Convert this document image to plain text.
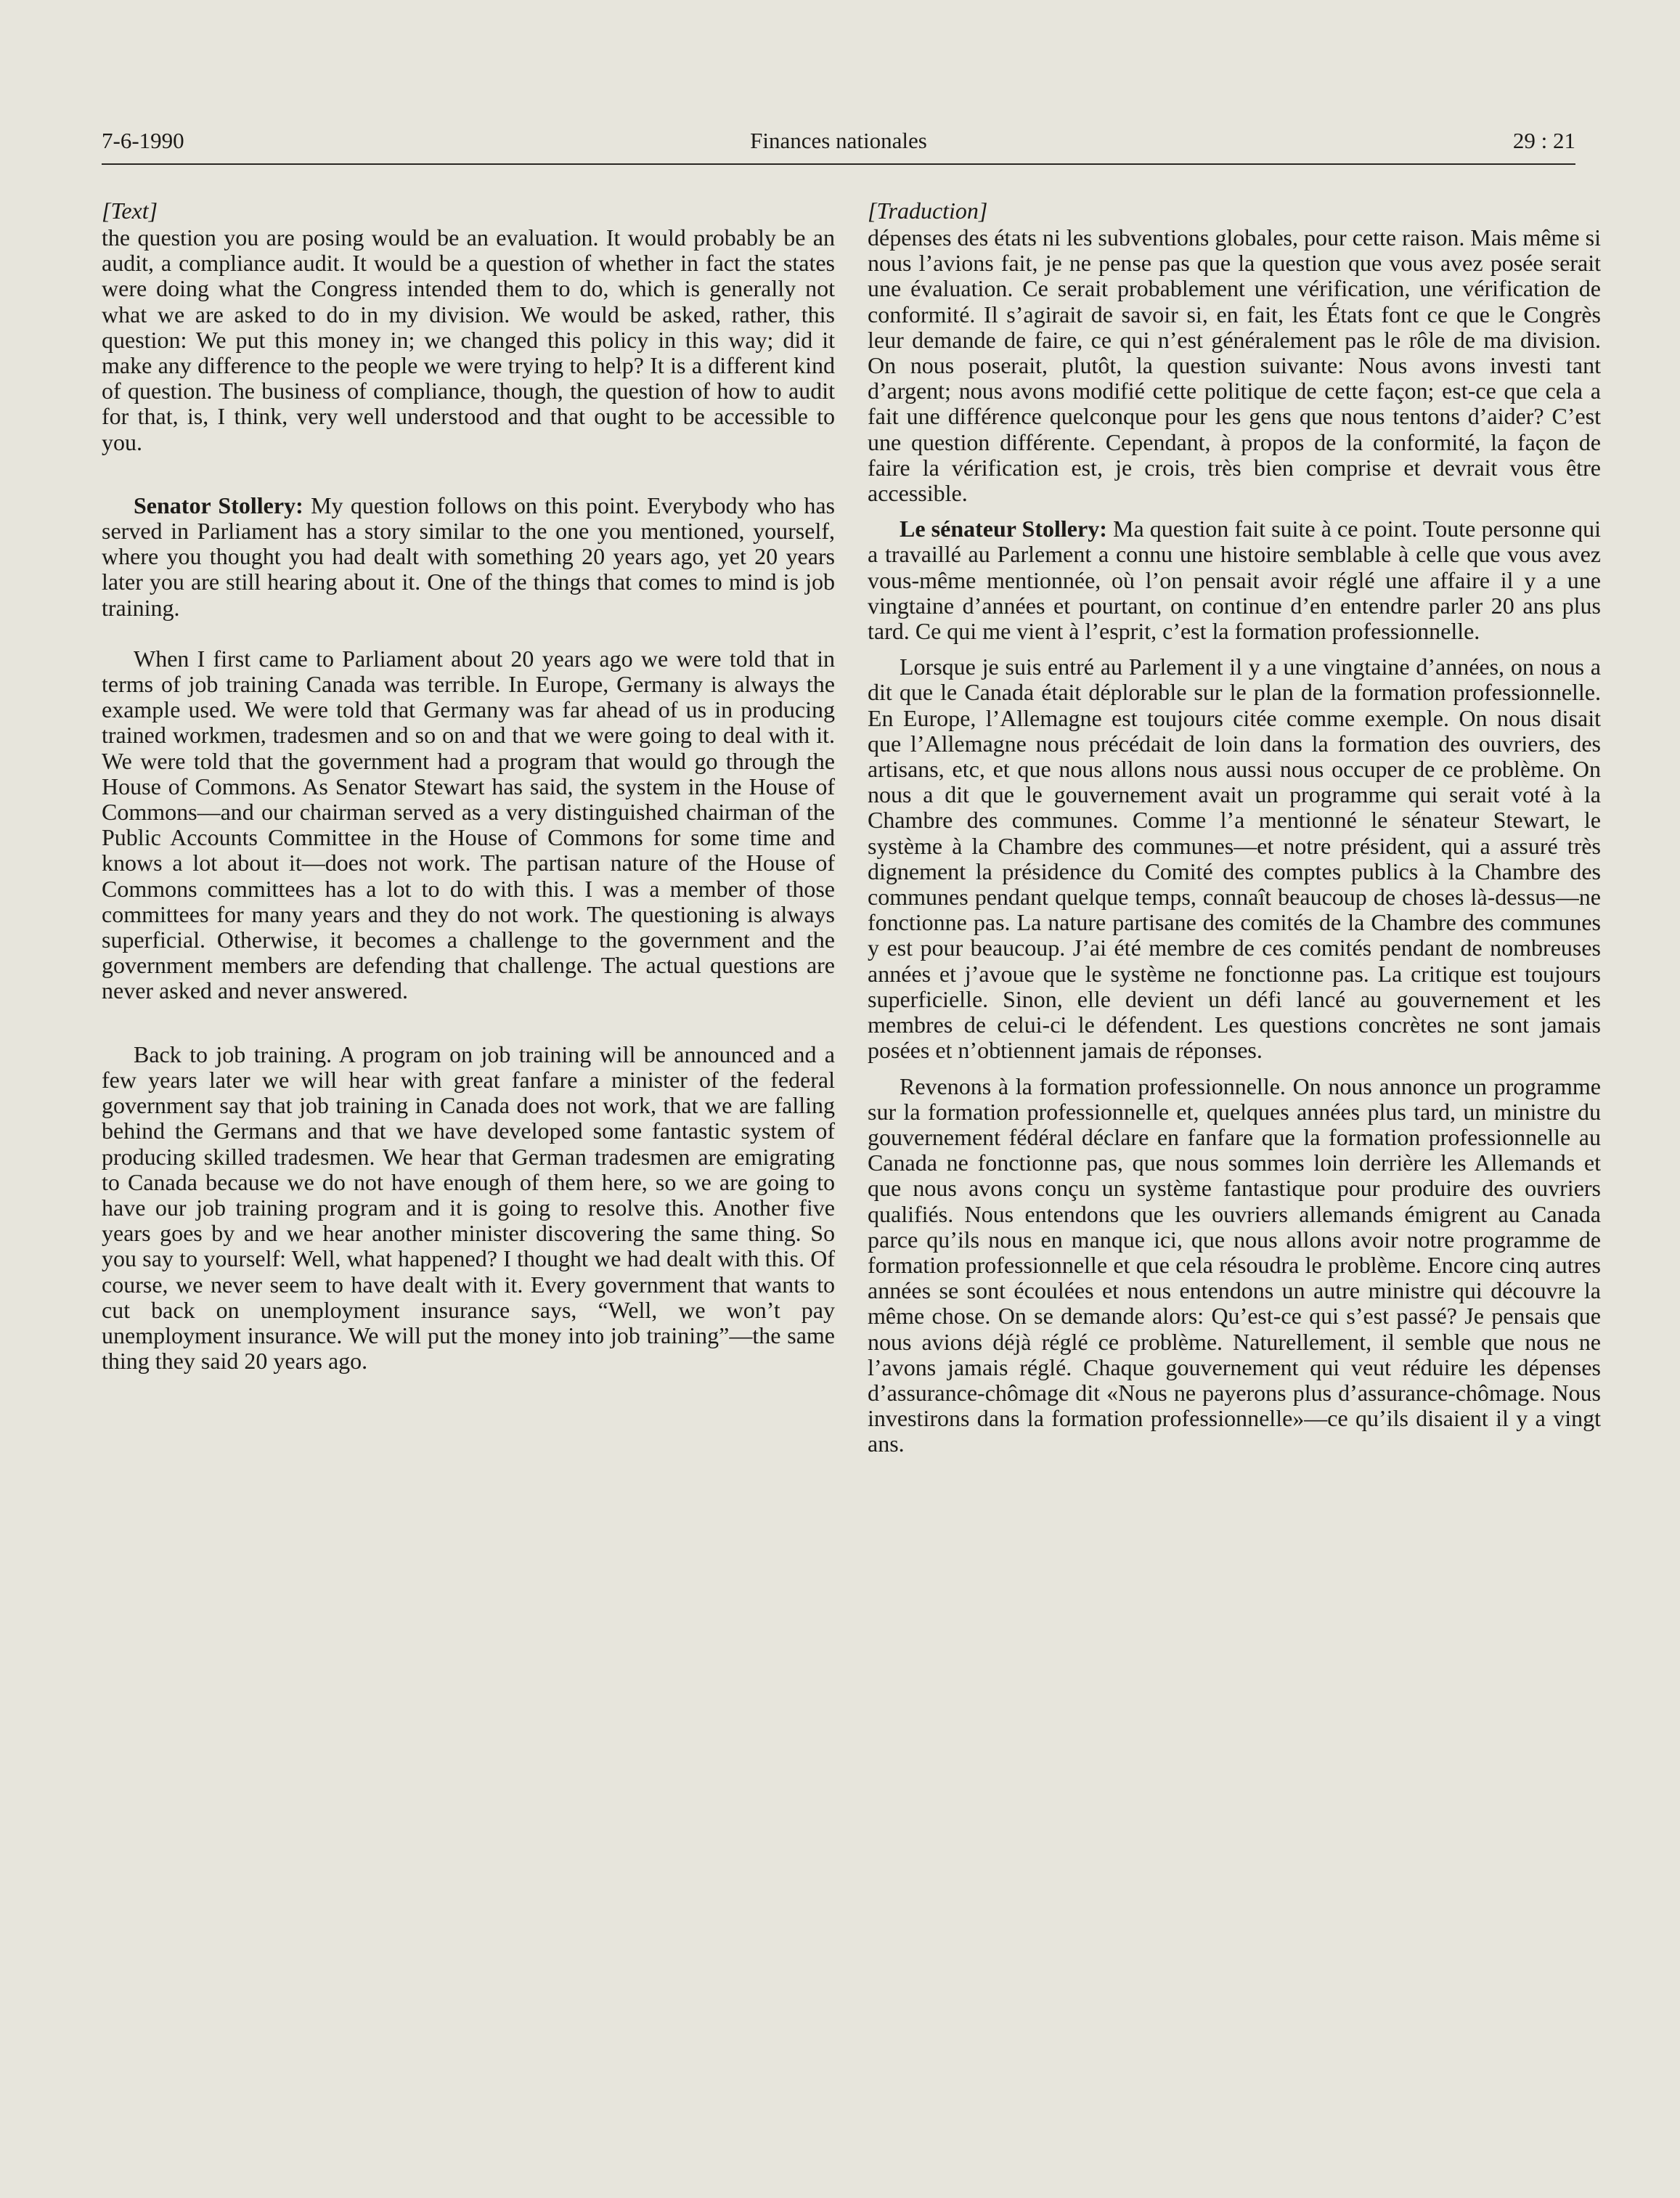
7-6-1990	Finances nationales	29 : 21

[Text]

the question you are posing would be an evaluation. It would probably be an audit, a compliance audit. It would be a question of whether in fact the states were doing what the Congress intended them to do, which is generally not what we are asked to do in my division. We would be asked, rather, this question: We put this money in; we changed this policy in this way; did it make any difference to the people we were trying to help? It is a different kind of question. The business of compliance, though, the question of how to audit for that, is, I think, very well understood and that ought to be accessible to you.

Senator Stollery: My question follows on this point. Everybody who has served in Parliament has a story similar to the one you mentioned, yourself, where you thought you had dealt with something 20 years ago, yet 20 years later you are still hearing about it. One of the things that comes to mind is job training.

When I first came to Parliament about 20 years ago we were told that in terms of job training Canada was terrible. In Europe, Germany is always the example used. We were told that Germany was far ahead of us in producing trained workmen, tradesmen and so on and that we were going to deal with it. We were told that the government had a program that would go through the House of Commons. As Senator Stewart has said, the system in the House of Commons—and our chairman served as a very distinguished chairman of the Public Accounts Committee in the House of Commons for some time and knows a lot about it—does not work. The partisan nature of the House of Commons committees has a lot to do with this. I was a member of those committees for many years and they do not work. The questioning is always superficial. Otherwise, it becomes a challenge to the government and the government members are defending that challenge. The actual questions are never asked and never answered.

Back to job training. A program on job training will be announced and a few years later we will hear with great fanfare a minister of the federal government say that job training in Canada does not work, that we are falling behind the Germans and that we have developed some fantastic system of producing skilled tradesmen. We hear that German tradesmen are emigrating to Canada because we do not have enough of them here, so we are going to have our job training program and it is going to resolve this. Another five years goes by and we hear another minister discovering the same thing. So you say to yourself: Well, what happened? I thought we had dealt with this. Of course, we never seem to have dealt with it. Every government that wants to cut back on unemployment insurance says, “Well, we won’t pay unemployment insurance. We will put the money into job training”—the same thing they said 20 years ago.

[Traduction]

dépenses des états ni les subventions globales, pour cette raison. Mais même si nous l’avions fait, je ne pense pas que la question que vous avez posée serait une évaluation. Ce serait probablement une vérification, une vérification de conformité. Il s’agirait de savoir si, en fait, les États font ce que le Congrès leur demande de faire, ce qui n’est généralement pas le rôle de ma division. On nous poserait, plutôt, la question suivante: Nous avons investi tant d’argent; nous avons modifié cette politique de cette façon; est-ce que cela a fait une différence quelconque pour les gens que nous tentons d’aider? C’est une question différente. Cependant, à propos de la conformité, la façon de faire la vérification est, je crois, très bien comprise et devrait vous être accessible.

Le sénateur Stollery: Ma question fait suite à ce point. Toute personne qui a travaillé au Parlement a connu une histoire semblable à celle que vous avez vous-même mentionnée, où l’on pensait avoir réglé une affaire il y a une vingtaine d’années et pourtant, on continue d’en entendre parler 20 ans plus tard. Ce qui me vient à l’esprit, c’est la formation professionnelle.

Lorsque je suis entré au Parlement il y a une vingtaine d’années, on nous a dit que le Canada était déplorable sur le plan de la formation professionnelle. En Europe, l’Allemagne est toujours citée comme exemple. On nous disait que l’Allemagne nous précédait de loin dans la formation des ouvriers, des artisans, etc, et que nous allons nous aussi nous occuper de ce problème. On nous a dit que le gouvernement avait un programme qui serait voté à la Chambre des communes. Comme l’a mentionné le sénateur Stewart, le système à la Chambre des communes—et notre président, qui a assuré très dignement la présidence du Comité des comptes publics à la Chambre des communes pendant quelque temps, connaît beaucoup de choses là-dessus—ne fonctionne pas. La nature partisane des comités de la Chambre des communes y est pour beaucoup. J’ai été membre de ces comités pendant de nombreuses années et j’avoue que le système ne fonctionne pas. La critique est toujours superficielle. Sinon, elle devient un défi lancé au gouvernement et les membres de celui-ci le défendent. Les questions concrètes ne sont jamais posées et n’obtiennent jamais de réponses.

Revenons à la formation professionnelle. On nous annonce un programme sur la formation professionnelle et, quelques années plus tard, un ministre du gouvernement fédéral déclare en fanfare que la formation professionnelle au Canada ne fonctionne pas, que nous sommes loin derrière les Allemands et que nous avons conçu un système fantastique pour produire des ouvriers qualifiés. Nous entendons que les ouvriers allemands émigrent au Canada parce qu’ils nous en manque ici, que nous allons avoir notre programme de formation professionnelle et que cela résoudra le problème. Encore cinq autres années se sont écoulées et nous entendons un autre ministre qui découvre la même chose. On se demande alors: Qu’est-ce qui s’est passé? Je pensais que nous avions déjà réglé ce problème. Naturellement, il semble que nous ne l’avons jamais réglé. Chaque gouvernement qui veut réduire les dépenses d’assurance-chômage dit «Nous ne payerons plus d’assurance-chômage. Nous investirons dans la formation professionnelle»—ce qu’ils disaient il y a vingt ans.
